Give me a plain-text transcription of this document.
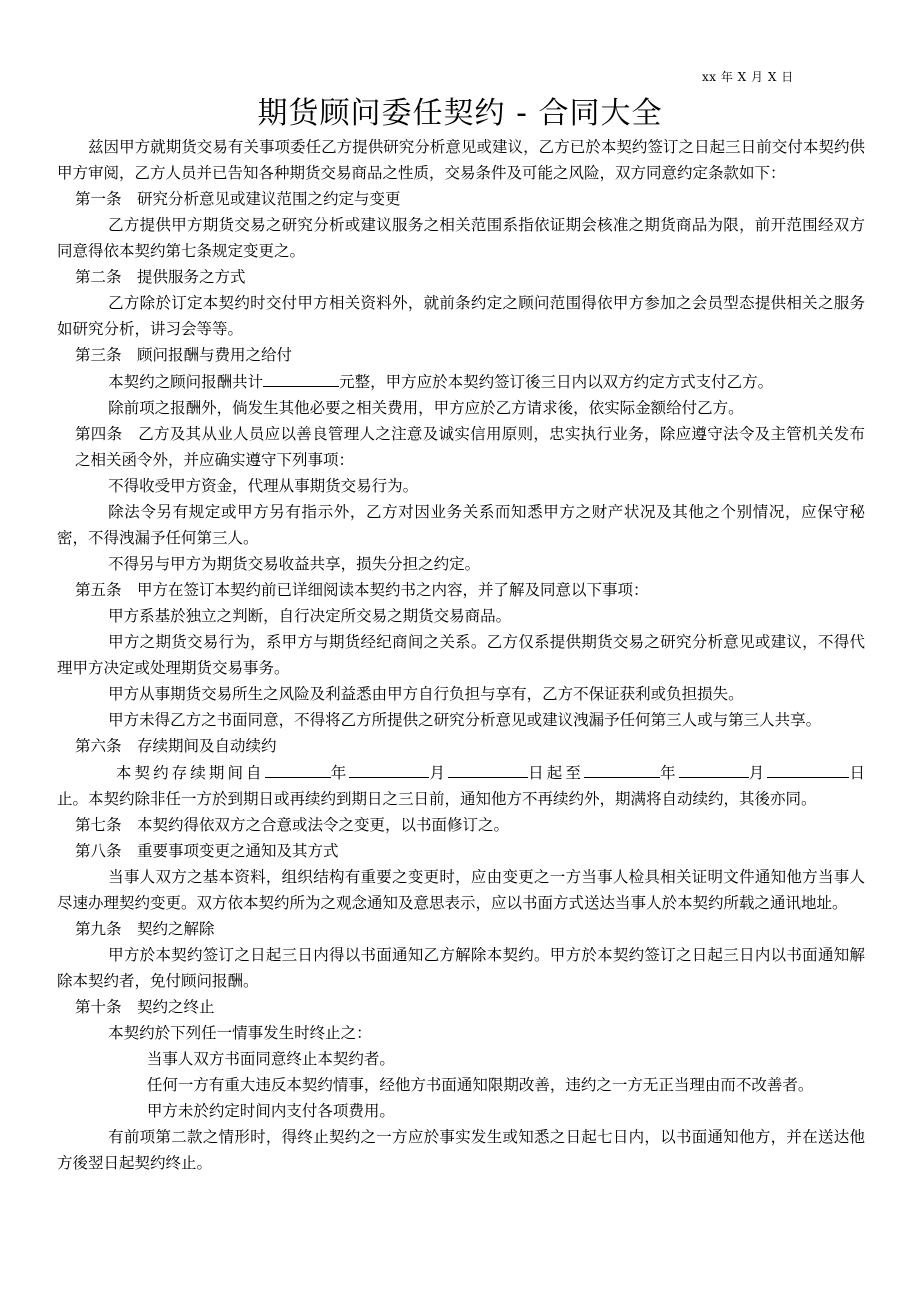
xx 年 X 月 X 日
期货顾问委任契约 - 合同大全

兹因甲方就期货交易有关事项委任乙方提供研究分析意见或建议，乙方已於本契约签订之日起三日前交付本契约供甲方审阅，乙方人员并已告知各种期货交易商品之性质，交易条件及可能之风险，双方同意约定条款如下：

第一条　研究分析意见或建议范围之约定与变更

乙方提供甲方期货交易之研究分析或建议服务之相关范围系指依证期会核准之期货商品为限，前开范围经双方同意得依本契约第七条规定变更之。

第二条　提供服务之方式

乙方除於订定本契约时交付甲方相关资料外，就前条约定之顾问范围得依甲方参加之会员型态提供相关之服务如研究分析，讲习会等等。

第三条　顾问报酬与费用之给付

本契约之顾问报酬共计	元整，甲方应於本契约签订後三日内以双方约定方式支付乙方。

除前项之报酬外，倘发生其他必要之相关费用，甲方应於乙方请求後，依实际金额给付乙方。

第四条　乙方及其从业人员应以善良管理人之注意及诚实信用原则，忠实执行业务，除应遵守法令及主管机关发布之相关函令外，并应确实遵守下列事项：

不得收受甲方资金，代理从事期货交易行为。

除法令另有规定或甲方另有指示外，乙方对因业务关系而知悉甲方之财产状况及其他之个别情况，应保守秘密，不得洩漏予任何第三人。

不得另与甲方为期货交易收益共享，损失分担之约定。

第五条　甲方在签订本契约前已详细阅读本契约书之内容，并了解及同意以下事项：

甲方系基於独立之判断，自行决定所交易之期货交易商品。

甲方之期货交易行为，系甲方与期货经纪商间之关系。乙方仅系提供期货交易之研究分析意见或建议，不得代理甲方决定或处理期货交易事务。

甲方从事期货交易所生之风险及利益悉由甲方自行负担与享有，乙方不保证获利或负担损失。

甲方未得乙方之书面同意，不得将乙方所提供之研究分析意见或建议洩漏予任何第三人或与第三人共享。

第六条　存续期间及自动续约

本契约存续期间自	年	月	日起至	年	月	日止。本契约除非任一方於到期日或再续约到期日之三日前，通知他方不再续约外，期满将自动续约，其後亦同。

第七条　本契约得依双方之合意或法令之变更，以书面修订之。

第八条　重要事项变更之通知及其方式

当事人双方之基本资料，组织结构有重要之变更时，应由变更之一方当事人检具相关证明文件通知他方当事人尽速办理契约变更。双方依本契约所为之观念通知及意思表示，应以书面方式送达当事人於本契约所载之通讯地址。

第九条　契约之解除

甲方於本契约签订之日起三日内得以书面通知乙方解除本契约。甲方於本契约签订之日起三日内以书面通知解除本契约者，免付顾问报酬。

第十条　契约之终止

本契约於下列任一情事发生时终止之：

当事人双方书面同意终止本契约者。

任何一方有重大违反本契约情事，经他方书面通知限期改善，违约之一方无正当理由而不改善者。

甲方未於约定时间内支付各项费用。

有前项第二款之情形时，得终止契约之一方应於事实发生或知悉之日起七日内，以书面通知他方，并在送达他方後翌日起契约终止。
